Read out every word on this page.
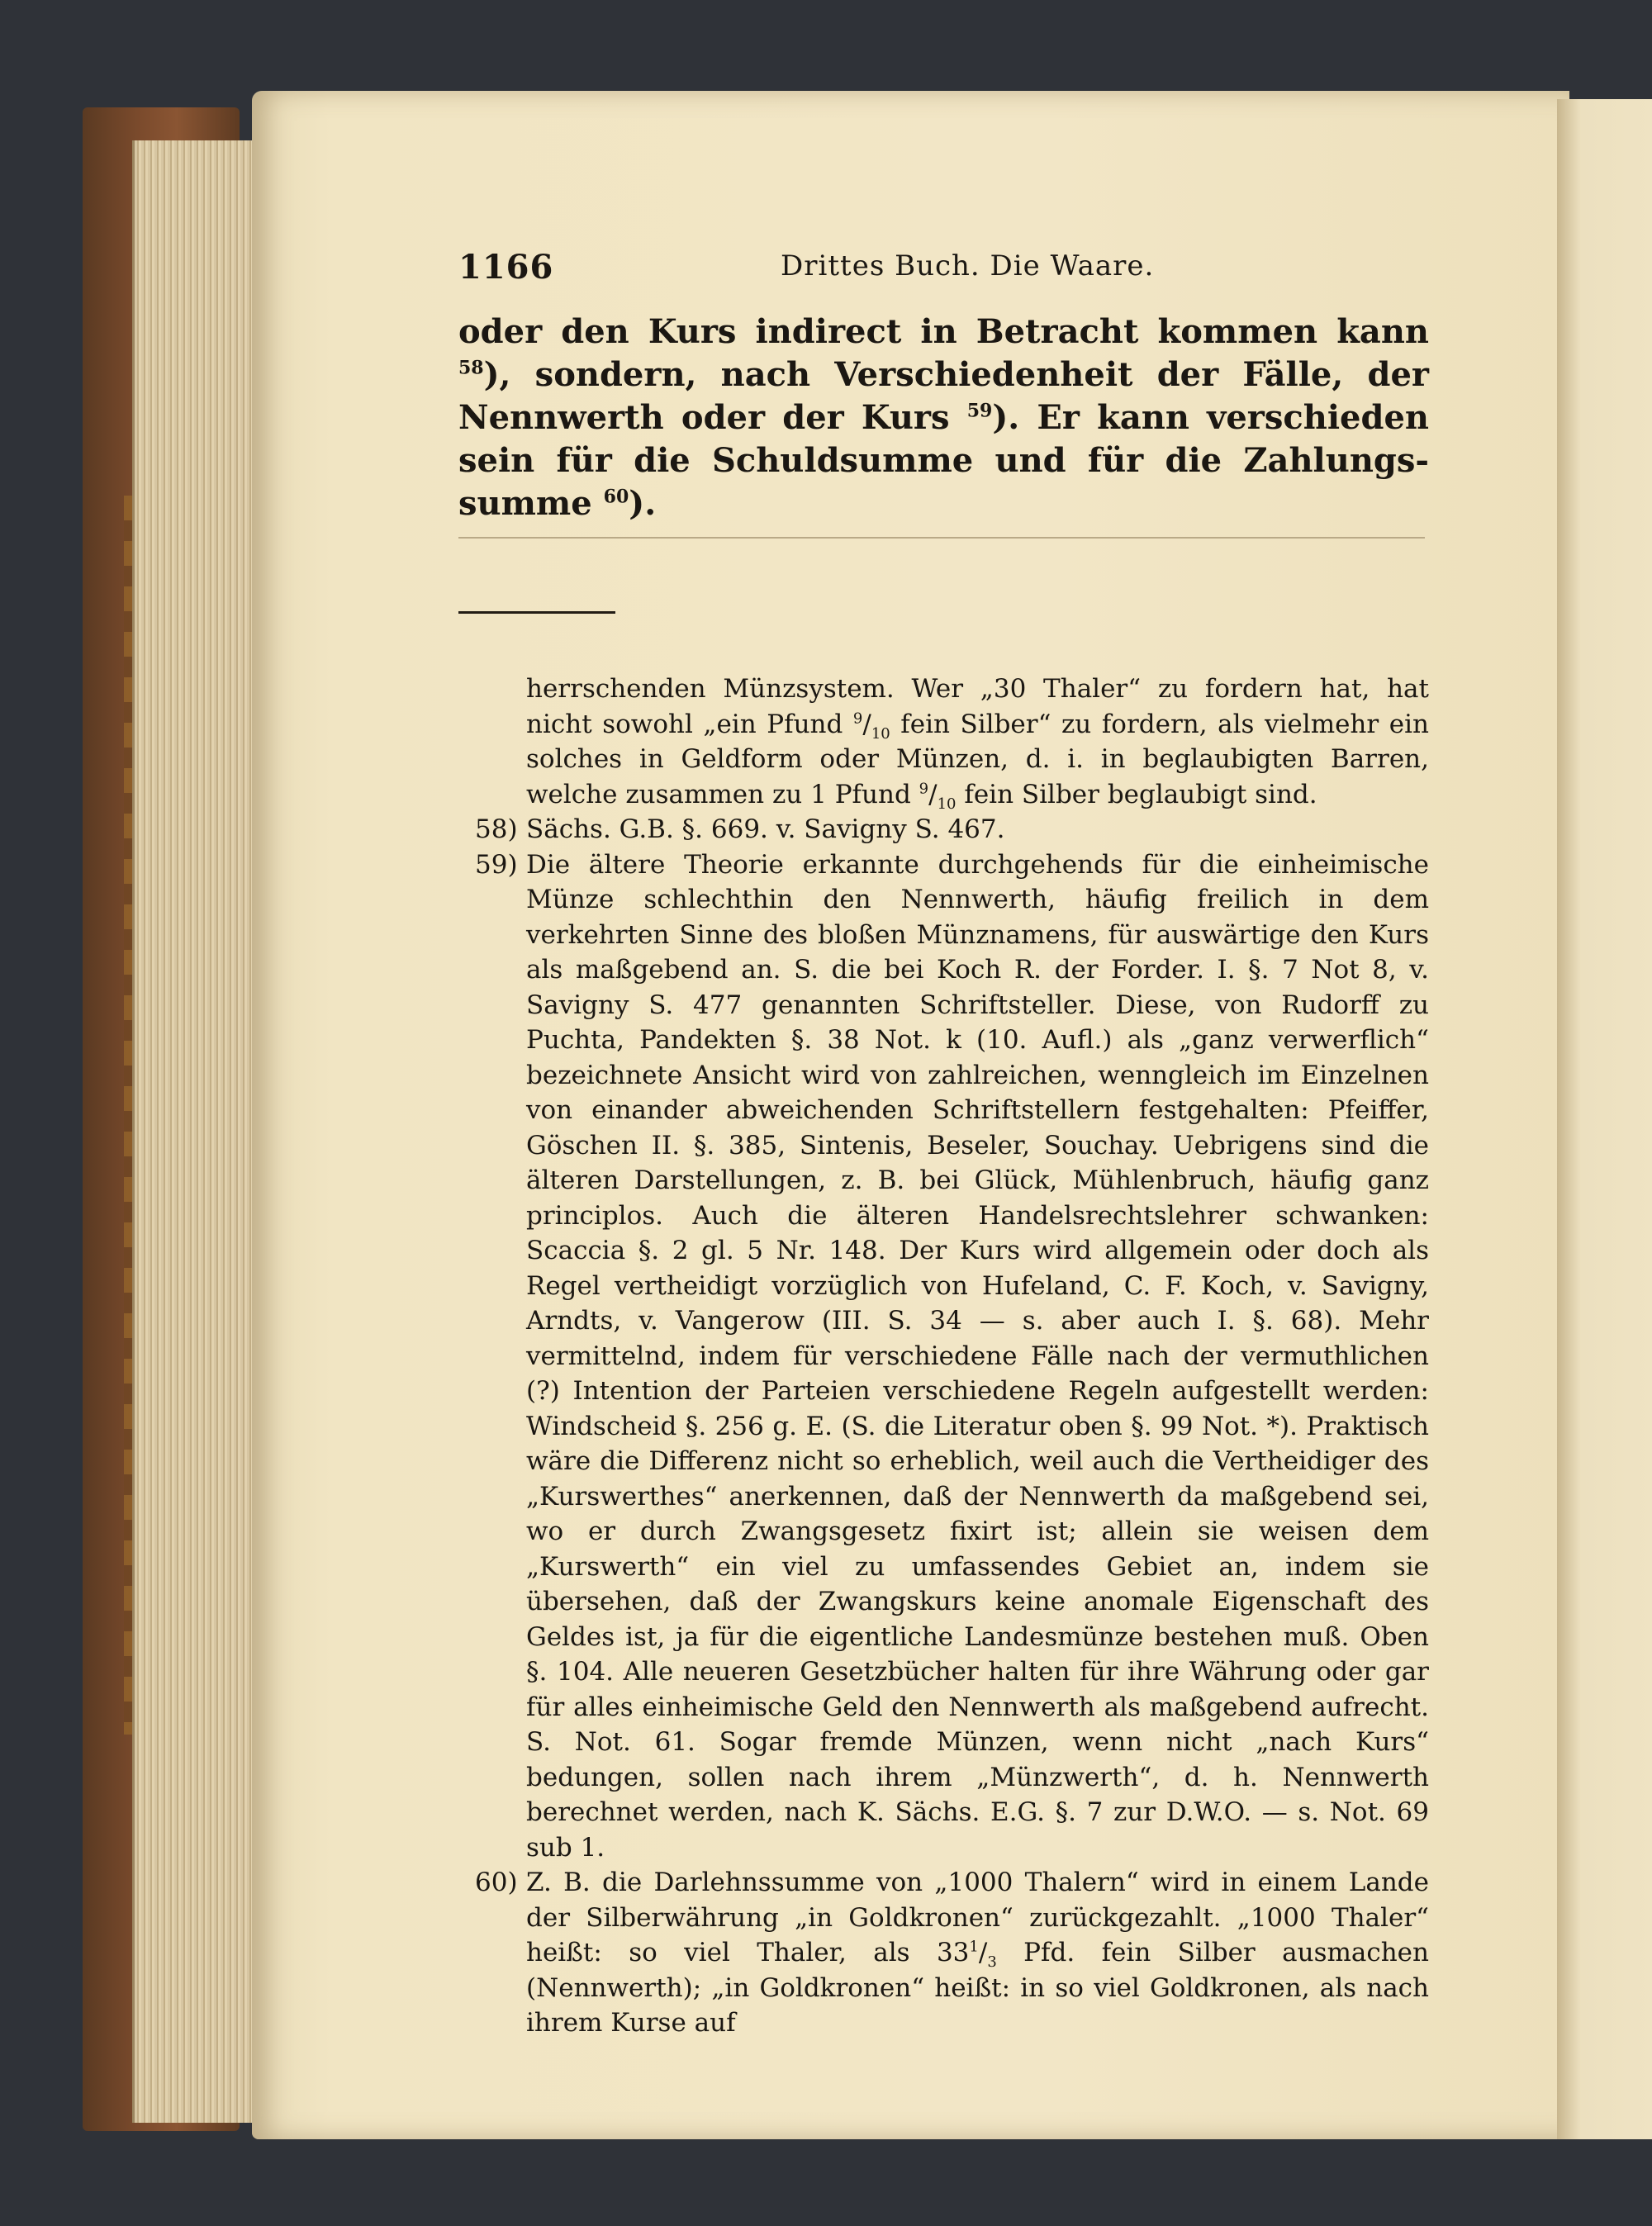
1166	Drittes Buch. Die Waare.

oder den Kurs indirect in Betracht kommen kann $^{58}$), sondern, nach Verschiedenheit der Fälle, der Nennwerth oder der Kurs $^{59}$). Er kann verschieden sein für die Schuldsumme und für die Zahlungs-summe $^{60}$).

herrschenden Münzsystem. Wer „30 Thaler“ zu fordern hat, hat nicht sowohl „ein Pfund $^9/_{10}$ fein Silber“ zu fordern, als vielmehr ein solches in Geldform oder Münzen, d. i. in beglaubigten Barren, welche zusammen zu 1 Pfund $^9/_{10}$ fein Silber beglaubigt sind.

58) Sächs. G.B. §. 669. v. Savigny S. 467.

59) Die ältere Theorie erkannte durchgehends für die einheimische Münze schlechthin den Nennwerth, häufig freilich in dem verkehrten Sinne des bloßen Münznamens, für auswärtige den Kurs als maßgebend an. S. die bei Koch R. der Forder. I. §. 7 Not 8, v. Savigny S. 477 genannten Schriftsteller. Diese, von Rudorff zu Puchta, Pandekten §. 38 Not. k (10. Aufl.) als „ganz verwerflich“ bezeichnete Ansicht wird von zahlreichen, wenngleich im Einzelnen von einander abweichenden Schriftstellern festgehalten: Pfeiffer, Göschen II. §. 385, Sintenis, Beseler, Souchay. Uebrigens sind die älteren Darstellungen, z. B. bei Glück, Mühlenbruch, häufig ganz principlos. Auch die älteren Handelsrechtslehrer schwanken: Scaccia §. 2 gl. 5 Nr. 148. Der Kurs wird allgemein oder doch als Regel vertheidigt vorzüglich von Hufeland, C. F. Koch, v. Savigny, Arndts, v. Vangerow (III. S. 34 — s. aber auch I. §. 68). Mehr vermittelnd, indem für verschiedene Fälle nach der vermuthlichen (?) Intention der Parteien verschiedene Regeln aufgestellt werden: Windscheid §. 256 g. E. (S. die Literatur oben §. 99 Not. *). Praktisch wäre die Differenz nicht so erheblich, weil auch die Vertheidiger des „Kurswerthes“ anerkennen, daß der Nennwerth da maßgebend sei, wo er durch Zwangsgesetz fixirt ist; allein sie weisen dem „Kurswerth“ ein viel zu umfassendes Gebiet an, indem sie übersehen, daß der Zwangskurs keine anomale Eigenschaft des Geldes ist, ja für die eigentliche Landesmünze bestehen muß. Oben §. 104. Alle neueren Gesetzbücher halten für ihre Währung oder gar für alles einheimische Geld den Nennwerth als maßgebend aufrecht. S. Not. 61. Sogar fremde Münzen, wenn nicht „nach Kurs“ bedungen, sollen nach ihrem „Münzwerth“, d. h. Nennwerth berechnet werden, nach K. Sächs. E.G. §. 7 zur D.W.O. — s. Not. 69 sub 1.

60) Z. B. die Darlehnssumme von „1000 Thalern“ wird in einem Lande der Silberwährung „in Goldkronen“ zurückgezahlt. „1000 Thaler“ heißt: so viel Thaler, als $33^1/_3$ Pfd. fein Silber ausmachen (Nennwerth); „in Goldkronen“ heißt: in so viel Goldkronen, als nach ihrem Kurse auf
